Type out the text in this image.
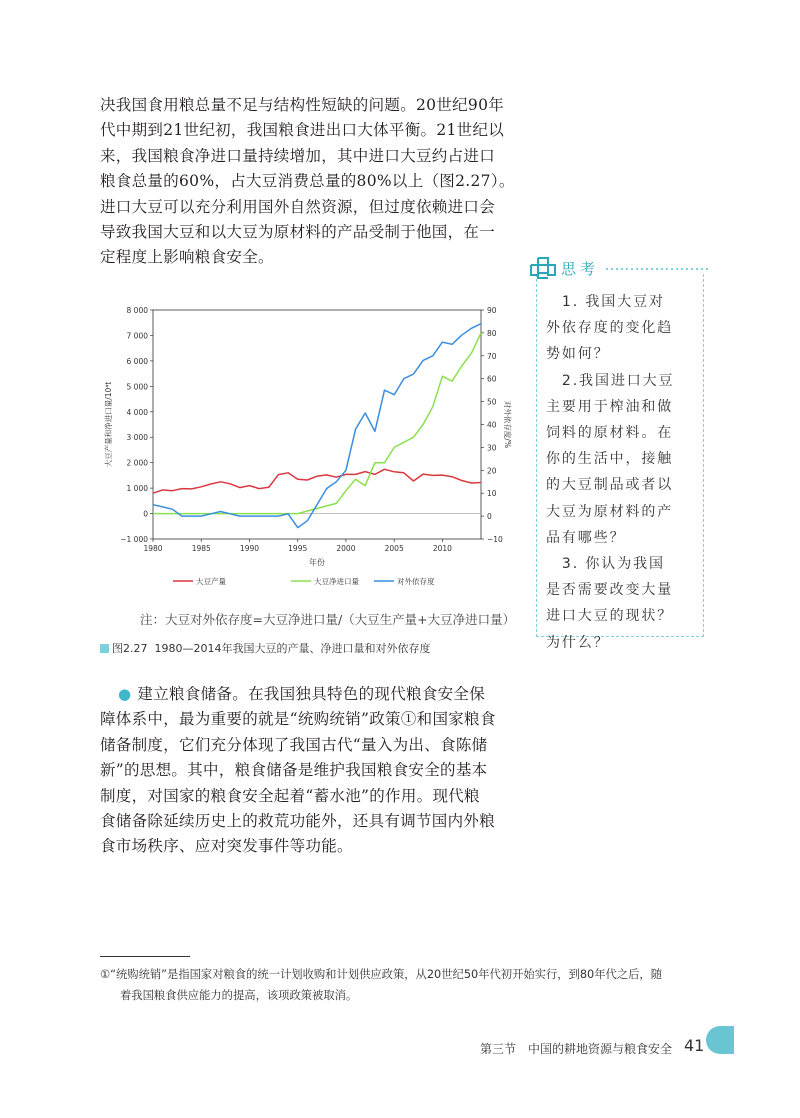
决我国食用粮总量不足与结构性短缺的问题。20世纪90年
代中期到21世纪初，我国粮食进出口大体平衡。21世纪以
来，我国粮食净进口量持续增加，其中进口大豆约占进口
粮食总量的60%，占大豆消费总量的80%以上（图2.27）。
进口大豆可以充分利用国外自然资源，但过度依赖进口会
导致我国大豆和以大豆为原材料的产品受制于他国，在一
定程度上影响粮食安全。
思考
　1. 我国大豆对
外依存度的变化趋
势如何？
　2.我国进口大豆
主要用于榨油和做
饲料的原材料。在
你的生活中，接触
的大豆制品或者以
大豆为原材料的产
品有哪些？
　3. 你认为我国
是否需要改变大量
进口大豆的现状？
为什么？
8 000
7 000
6 000
5 000
4 000
3 000
2 000
1 000
0
−1 000
90
80
70
60
50
40
30
20
10
0
−10
1980	1985	1990	1995	2000	2005	2010
年份
大豆产量和净进口量/10⁴t	对外依存度/%
大豆产量	大豆净进口量	对外依存度
注：大豆对外依存度=大豆净进口量/（大豆生产量+大豆净进口量）
图2.27 1980—2014年我国大豆的产量、净进口量和对外依存度
● 建立粮食储备。在我国独具特色的现代粮食安全保
障体系中，最为重要的就是“统购统销”政策①和国家粮食
储备制度，它们充分体现了我国古代“量入为出、食陈储
新”的思想。其中，粮食储备是维护我国粮食安全的基本
制度，对国家的粮食安全起着“蓄水池”的作用。现代粮
食储备除延续历史上的救荒功能外，还具有调节国内外粮
食市场秩序、应对突发事件等功能。
①“统购统销”是指国家对粮食的统一计划收购和计划供应政策，从20世纪50年代初开始实行，到80年代之后，随
着我国粮食供应能力的提高，该项政策被取消。
第三节　中国的耕地资源与粮食安全 41
